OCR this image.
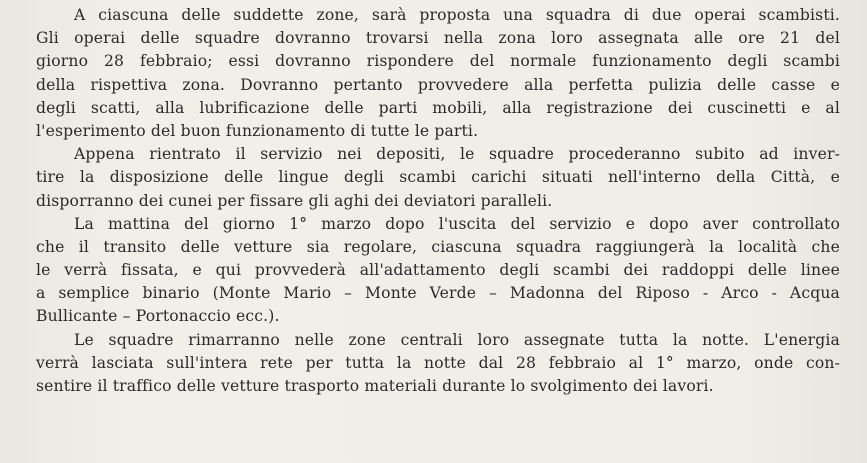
A ciascuna delle suddette zone, sarà proposta una squadra di due operai scambisti.
Gli operai delle squadre dovranno trovarsi nella zona loro assegnata alle ore 21 del
giorno 28 febbraio; essi dovranno rispondere del normale funzionamento degli scambi
della rispettiva zona. Dovranno pertanto provvedere alla perfetta pulizia delle casse e
degli scatti, alla lubrificazione delle parti mobili, alla registrazione dei cuscinetti e al
l'esperimento del buon funzionamento di tutte le parti.
Appena rientrato il servizio nei depositi, le squadre procederanno subito ad inver-
tire la disposizione delle lingue degli scambi carichi situati nell'interno della Città, e
disporranno dei cunei per fissare gli aghi dei deviatori paralleli.
La mattina del giorno 1° marzo dopo l'uscita del servizio e dopo aver controllato
che il transito delle vetture sia regolare, ciascuna squadra raggiungerà la località che
le verrà fissata, e qui provvederà all'adattamento degli scambi dei raddoppi delle linee
a semplice binario (Monte Mario – Monte Verde – Madonna del Riposo - Arco - Acqua
Bullicante – Portonaccio ecc.).
Le squadre rimarranno nelle zone centrali loro assegnate tutta la notte. L'energia
verrà lasciata sull'intera rete per tutta la notte dal 28 febbraio al 1° marzo, onde con-
sentire il traffico delle vetture trasporto materiali durante lo svolgimento dei lavori.
